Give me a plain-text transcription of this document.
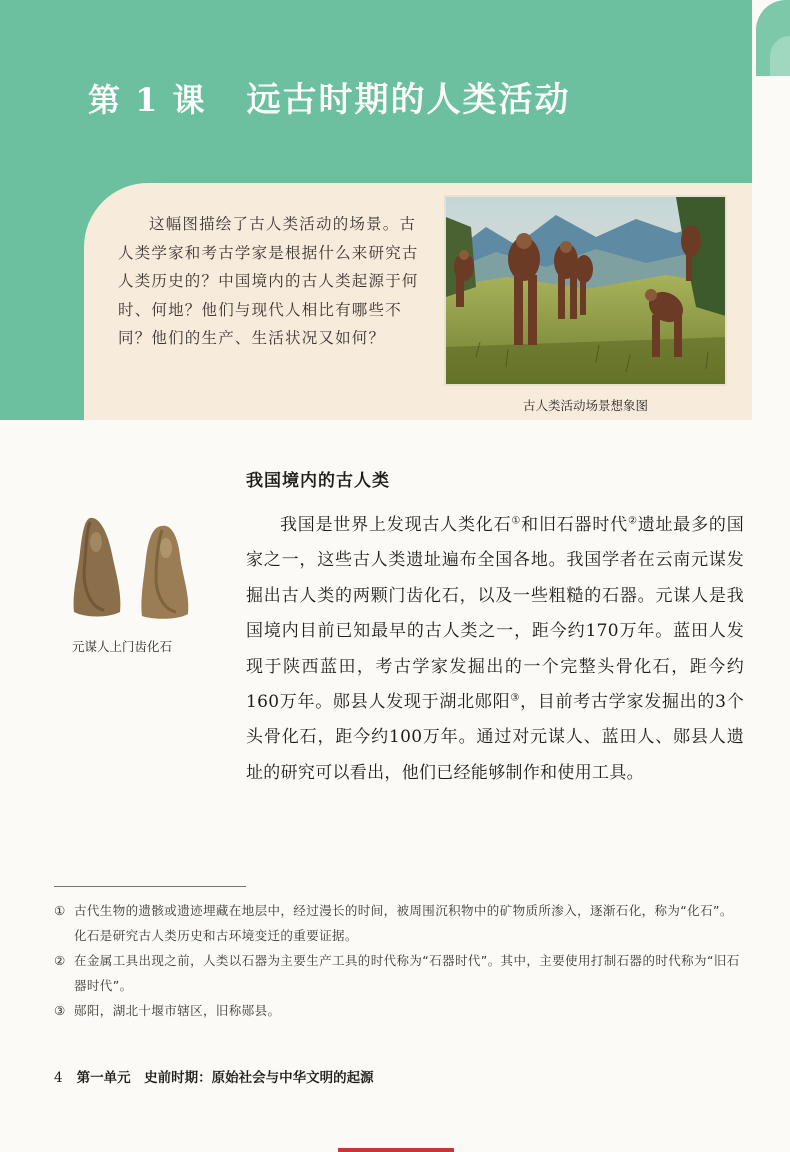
第 1 课 远古时期的人类活动

这幅图描绘了古人类活动的场景。古人类学家和考古学家是根据什么来研究古人类历史的？中国境内的古人类起源于何时、何地？他们与现代人相比有哪些不同？他们的生产、生活状况又如何？

古人类活动场景想象图
我国境内的古人类
元谋人上门齿化石

我国是世界上发现古人类化石①和旧石器时代②遗址最多的国家之一，这些古人类遗址遍布全国各地。我国学者在云南元谋发掘出古人类的两颗门齿化石，以及一些粗糙的石器。元谋人是我国境内目前已知最早的古人类之一，距今约170万年。蓝田人发现于陕西蓝田，考古学家发掘出的一个完整头骨化石，距今约160万年。郧县人发现于湖北郧阳③，目前考古学家发掘出的3个头骨化石，距今约100万年。通过对元谋人、蓝田人、郧县人遗址的研究可以看出，他们已经能够制作和使用工具。

① 古代生物的遗骸或遗迹埋藏在地层中，经过漫长的时间，被周围沉积物中的矿物质所渗入，逐渐石化，称为“化石”。化石是研究古人类历史和古环境变迁的重要证据。
② 在金属工具出现之前，人类以石器为主要生产工具的时代称为“石器时代”。其中，主要使用打制石器的时代称为“旧石器时代”。
③ 郧阳，湖北十堰市辖区，旧称郧县。
4 第一单元　史前时期：原始社会与中华文明的起源
